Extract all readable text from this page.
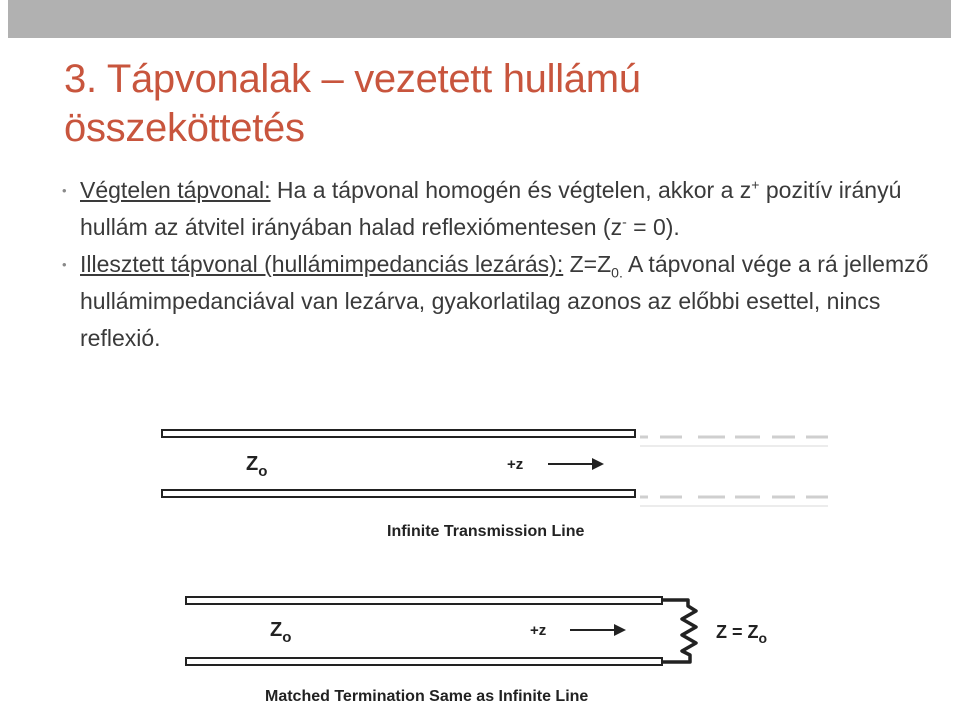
3. Tápvonalak – vezetett hullámú
összeköttetés

• Végtelen tápvonal: Ha a tápvonal homogén és végtelen, akkor a z+ pozitív irányú hullám az átvitel irányában halad reflexiómentesen (z- = 0).

• Illesztett tápvonal (hullámimpedanciás lezárás): $Z=Z_{0.}$ A tápvonal vége a rá jellemző hullámimpedanciával van lezárva, gyakorlatilag azonos az előbbi esettel, nincs reflexió.

$Z_o$	+z
Infinite Transmission Line
$Z_o$	+z	$Z = Z_o$
Matched Termination Same as Infinite Line
